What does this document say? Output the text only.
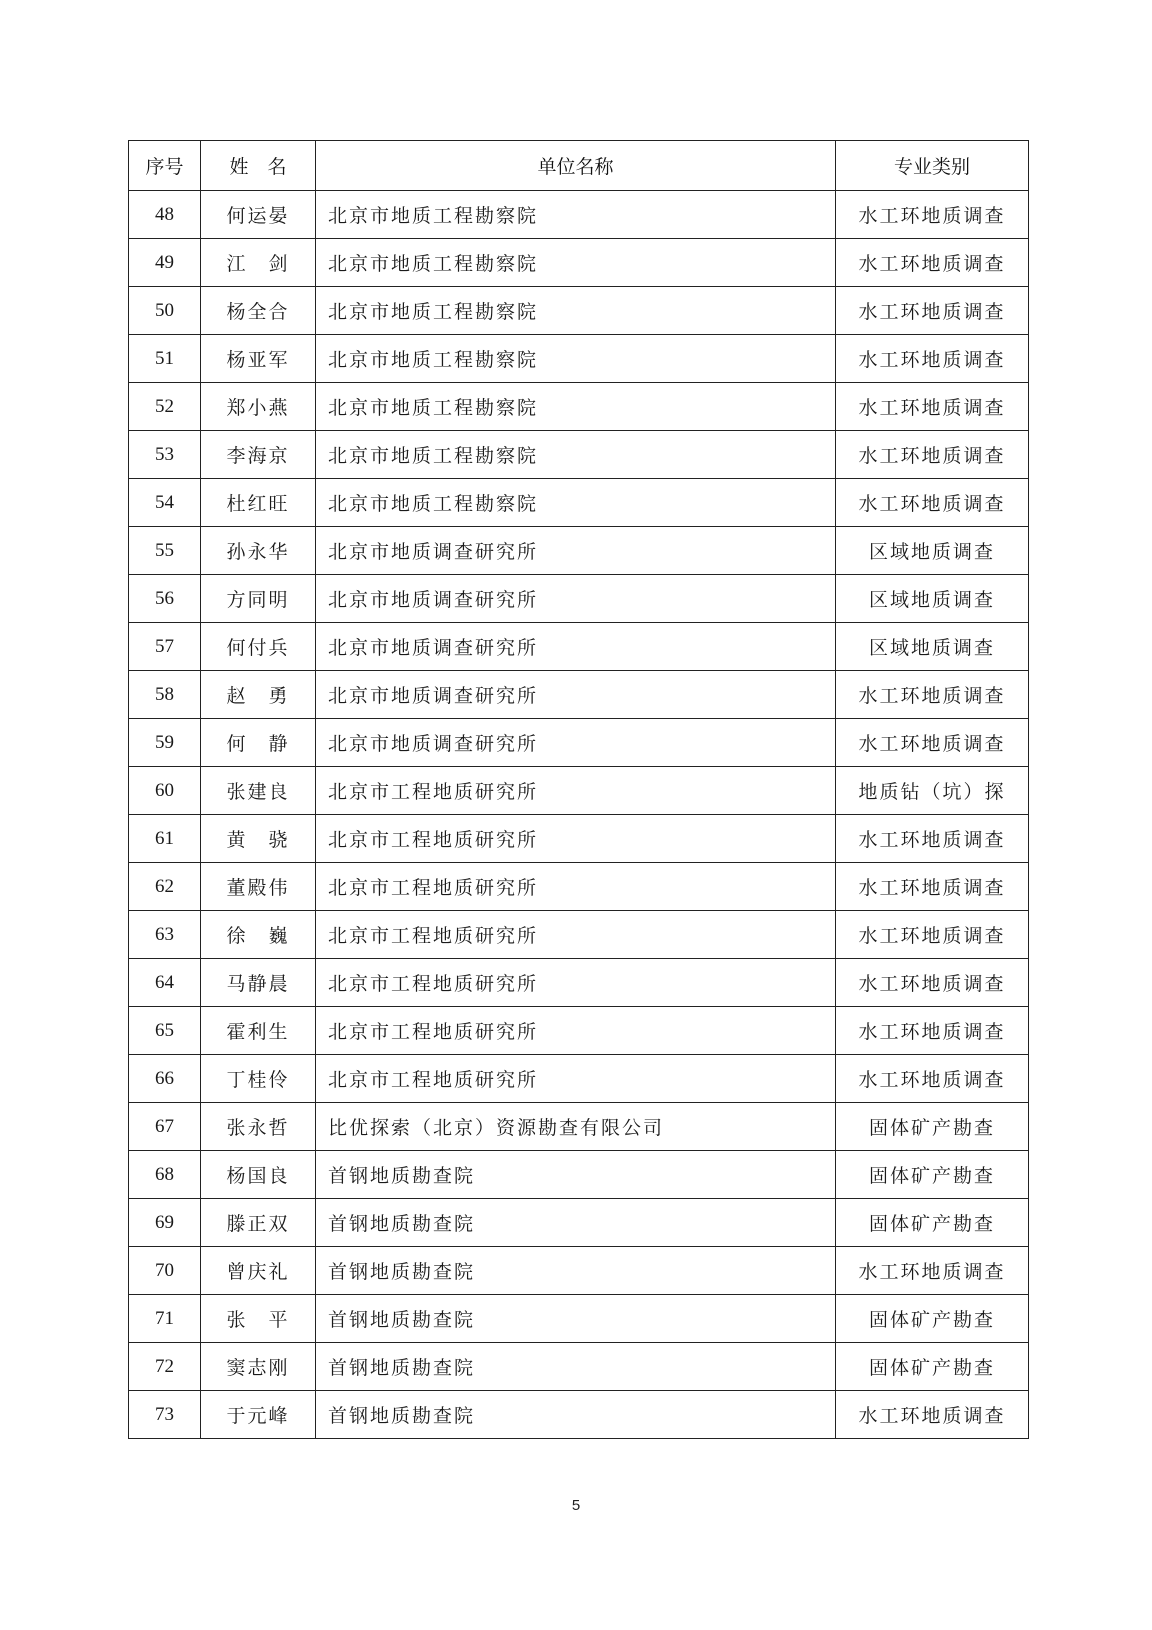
序号	姓　名	单位名称	专业类别
48	何运晏	北京市地质工程勘察院	水工环地质调查
49	江　剑	北京市地质工程勘察院	水工环地质调查
50	杨全合	北京市地质工程勘察院	水工环地质调查
51	杨亚军	北京市地质工程勘察院	水工环地质调查
52	郑小燕	北京市地质工程勘察院	水工环地质调查
53	李海京	北京市地质工程勘察院	水工环地质调查
54	杜红旺	北京市地质工程勘察院	水工环地质调查
55	孙永华	北京市地质调查研究所	区域地质调查
56	方同明	北京市地质调查研究所	区域地质调查
57	何付兵	北京市地质调查研究所	区域地质调查
58	赵　勇	北京市地质调查研究所	水工环地质调查
59	何　静	北京市地质调查研究所	水工环地质调查
60	张建良	北京市工程地质研究所	地质钻（坑）探
61	黄　骁	北京市工程地质研究所	水工环地质调查
62	董殿伟	北京市工程地质研究所	水工环地质调查
63	徐　巍	北京市工程地质研究所	水工环地质调查
64	马静晨	北京市工程地质研究所	水工环地质调查
65	霍利生	北京市工程地质研究所	水工环地质调查
66	丁桂伶	北京市工程地质研究所	水工环地质调查
67	张永哲	比优探索（北京）资源勘查有限公司	固体矿产勘查
68	杨国良	首钢地质勘查院	固体矿产勘查
69	滕正双	首钢地质勘查院	固体矿产勘查
70	曾庆礼	首钢地质勘查院	水工环地质调查
71	张　平	首钢地质勘查院	固体矿产勘查
72	窦志刚	首钢地质勘查院	固体矿产勘查
73	于元峰	首钢地质勘查院	水工环地质调查
5
